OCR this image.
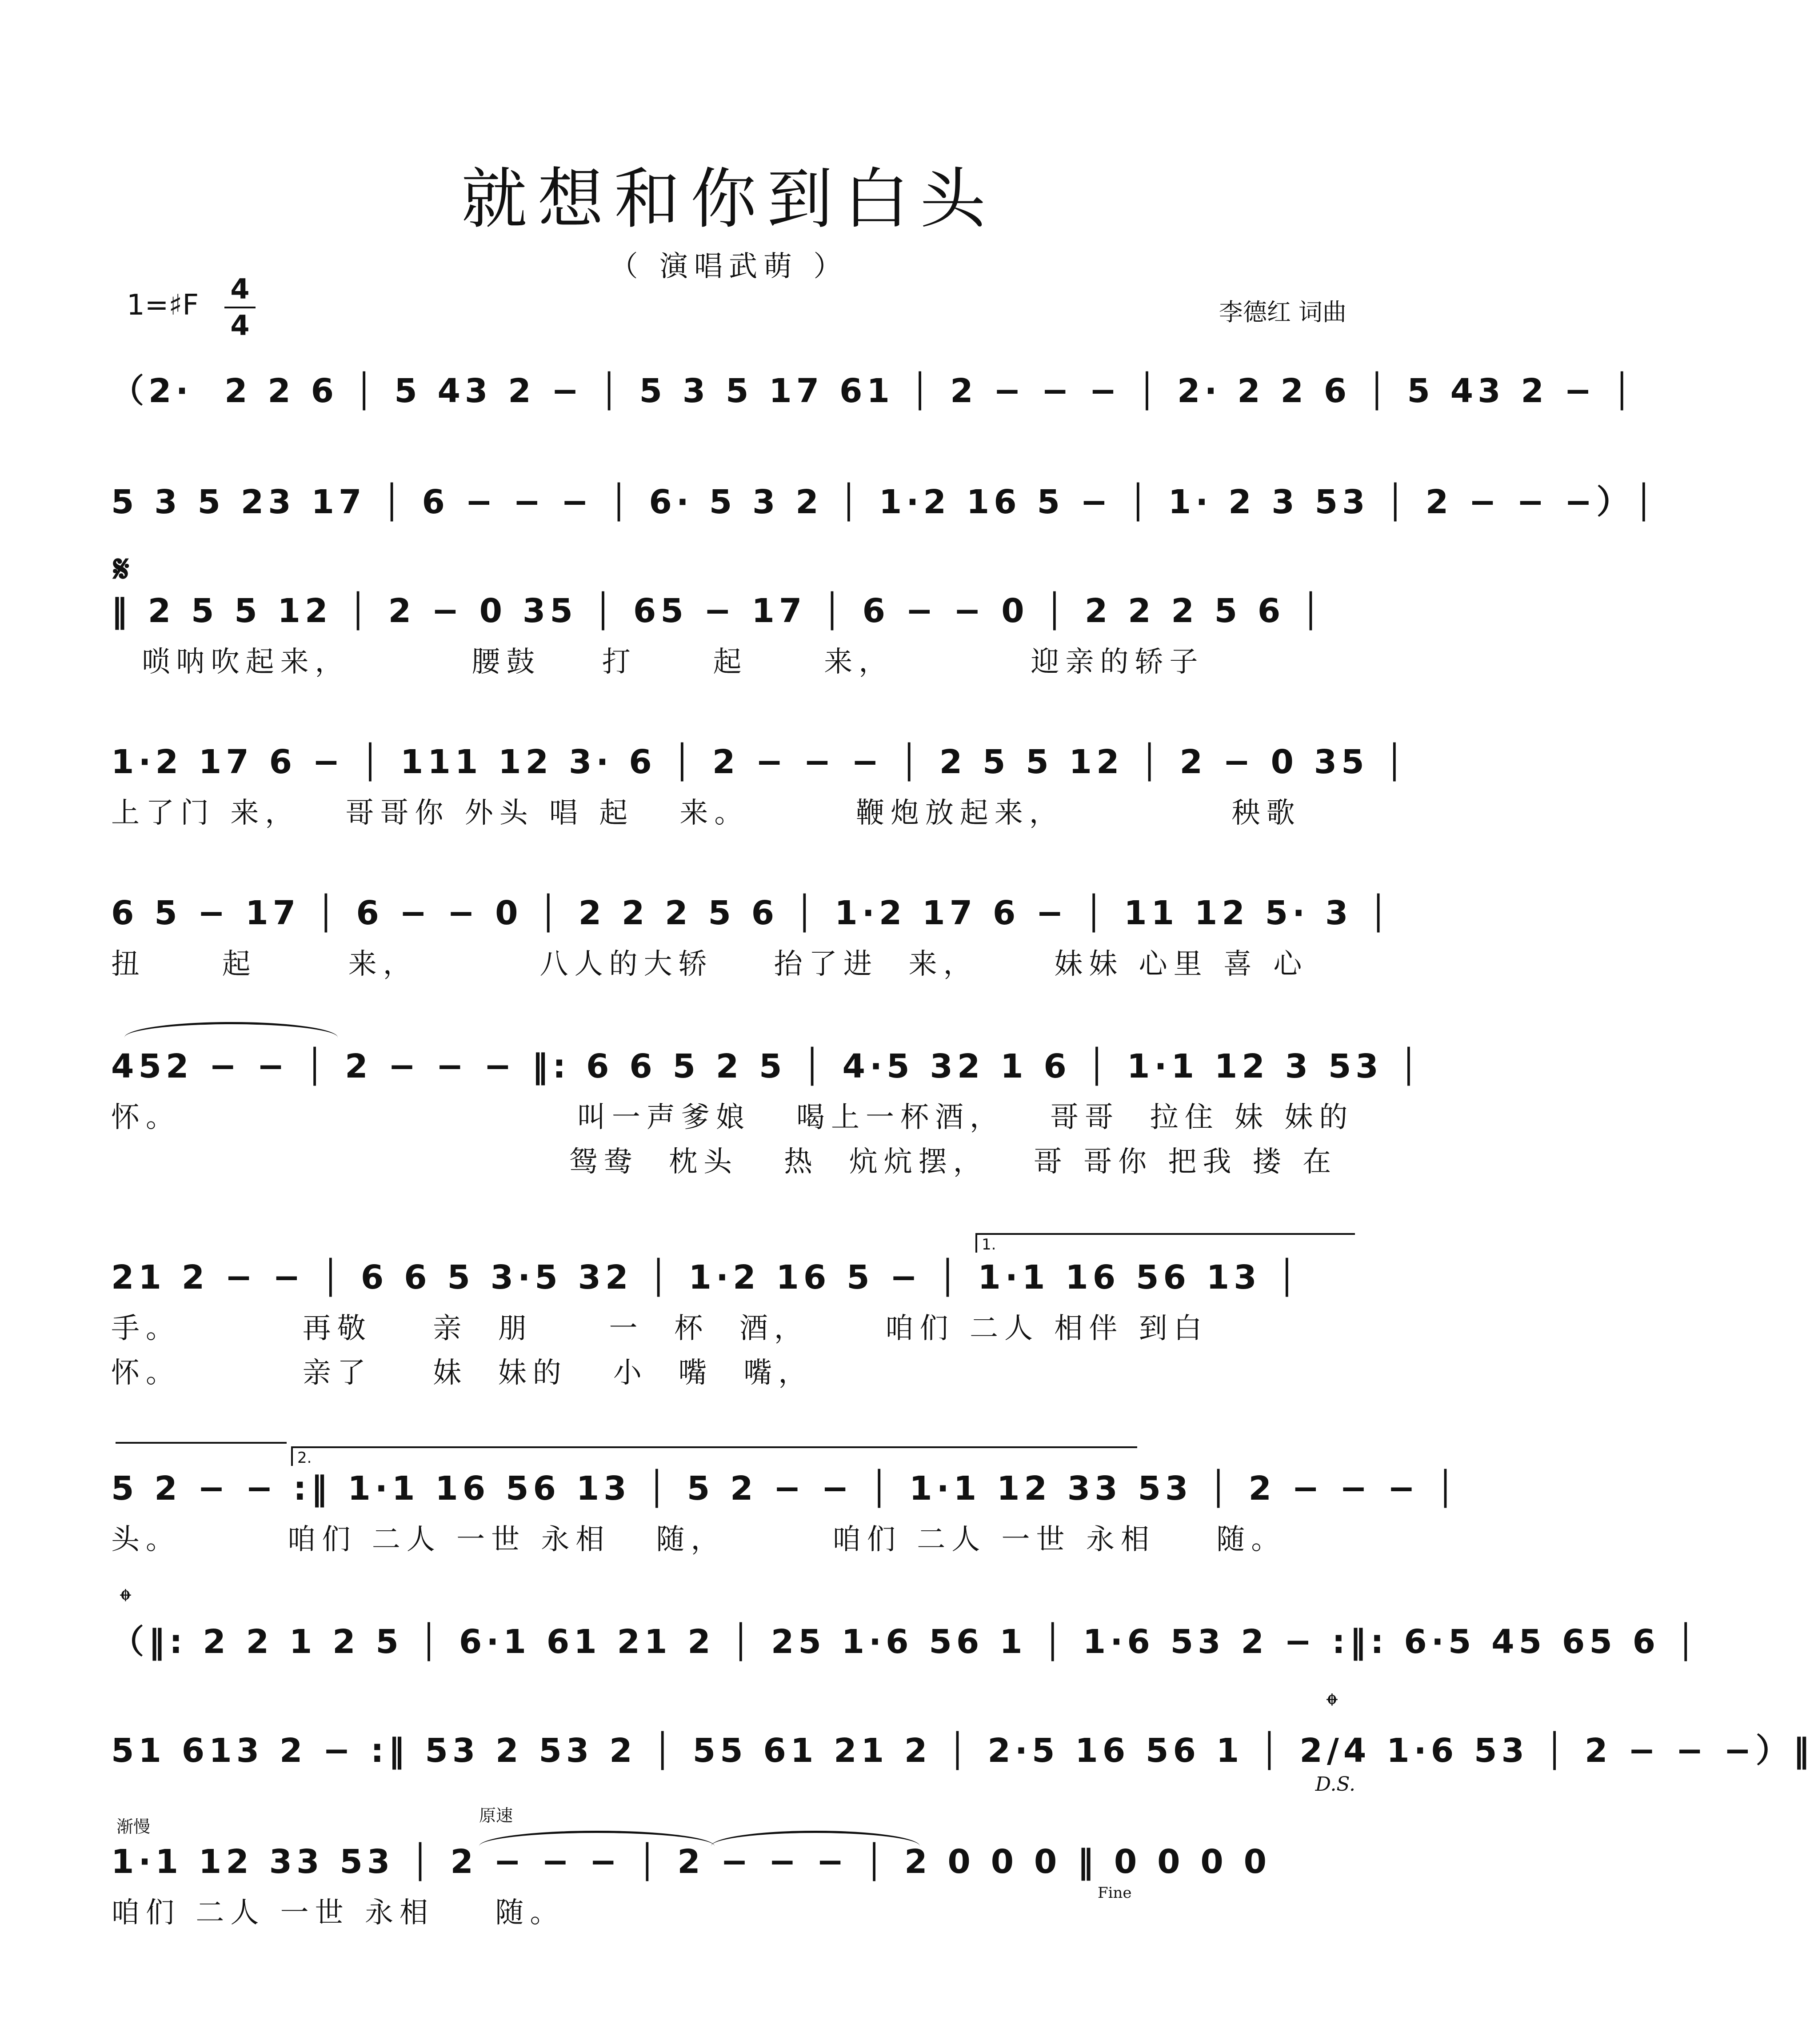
就想和你到白头
（ 演唱武萌 ）
1=♯F 4
4	李德红 词曲
（2·  2 2 6 │ 5 43 2 − │ 5 3 5 17 61 │ 2 − − − │ 2· 2 2 6 │ 5 43 2 − │
5 3 5 23 17 │ 6 − − − │ 6· 5 3 2 │ 1·2 16 5 − │ 1· 2 3 53 │ 2 − − −）│
𝄋
‖ 2 5 5 12 │ 2 − 0 35 │ 65 − 17 │ 6 − − 0 │ 2 2 2 5 6 │
唢呐吹起来，        腰鼓    打     起     来，         迎亲的轿子
1·2 17 6 − │ 111 12 3· 6 │ 2 − − − │ 2 5 5 12 │ 2 − 0 35 │
上了门 来，   哥哥你 外头 唱 起   来。       鞭炮放起来，           秧歌
6 5 − 17 │ 6 − − 0 │ 2 2 2 5 6 │ 1·2 17 6 − │ 11 12 5· 3 │
扭     起      来，        八人的大轿    抬了进  来，     妹妹 心里 喜 心
452 − − │ 2 − − − ‖: 6 6 5 2 5 │ 4·5 32 1 6 │ 1·1 12 3 53 │
怀。                          叫一声爹娘   喝上一杯酒，   哥哥  拉住 妹 妹的
鸳鸯  枕头   热  炕炕摆，   哥 哥你 把我 搂 在
1.
21 2 − − │ 6 6 5 3·5 32 │ 1·2 16 5 − │ 1·1 16 56 13 │
手。        再敬    亲  朋     一  杯  酒，     咱们 二人 相伴 到白
怀。        亲了    妹  妹的   小  嘴  嘴，
2.
5 2 − − :‖ 1·1 16 56 13 │ 5 2 − − │ 1·1 12 33 53 │ 2 − − − │
头。       咱们 二人 一世 永相   随，       咱们 二人 一世 永相    随。
𝄌
（‖: 2 2 1 2 5 │ 6·1 61 21 2 │ 25 1·6 56 1 │ 1·6 53 2 − :‖: 6·5 45 65 6 │
𝄌
51 613 2 − :‖ 53 2 53 2 │ 55 61 21 2 │ 2·5 16 56 1 │ 2/4 1·6 53 │ 2 − − −）‖
D.S.
渐慢
原速
1·1 12 33 53 │ 2 − − − │ 2 − − − │ 2 0 0 0 ‖ 0 0 0 0
咱们 二人 一世 永相    随。
Fine
